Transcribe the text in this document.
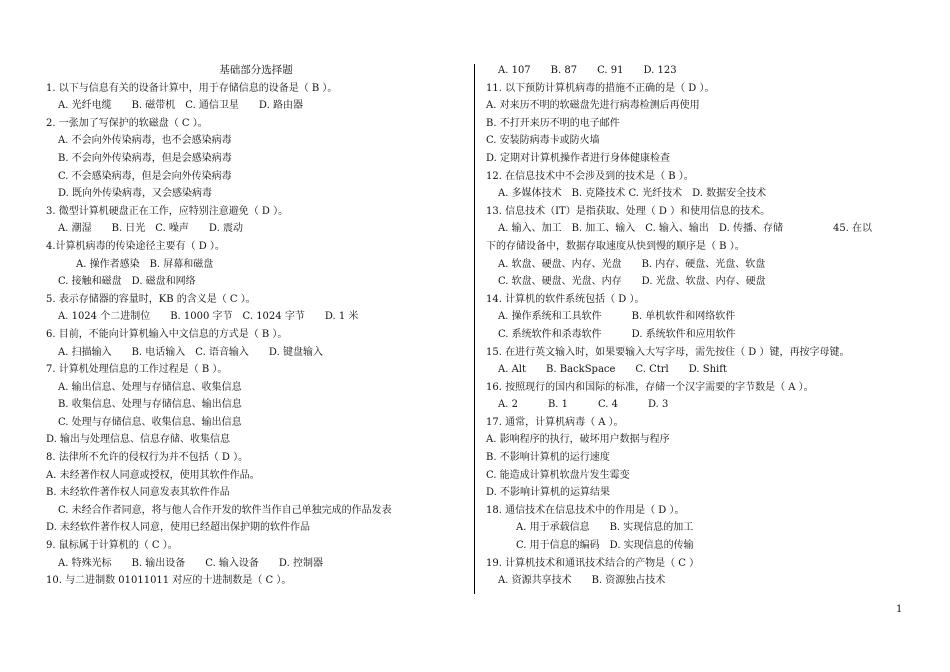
基础部分选择题
1. 以下与信息有关的设备计算中，用于存储信息的设备是（ B ）。
A. 光纤电缆　　B. 磁带机　C. 通信卫星　　D. 路由器
2. 一张加了写保护的软磁盘（ C ）。
A. 不会向外传染病毒，也不会感染病毒
B. 不会向外传染病毒，但是会感染病毒
C. 不会感染病毒，但是会向外传染病毒
D. 既向外传染病毒，又会感染病毒
3. 微型计算机硬盘正在工作，应特别注意避免（ D ）。
A. 潮湿　　B. 日光　C. 噪声　　D. 震动
4.计算机病毒的传染途径主要有（ D ）。
A. 操作者感染　B. 屏幕和磁盘
C. 接触和磁盘　D. 磁盘和网络
5. 表示存储器的容量时，KB 的含义是（ C ）。
A. 1024 个二进制位　　B. 1000 字节　C. 1024 字节　　D. 1 米
6. 目前，不能向计算机输入中文信息的方式是（ B ）。
A. 扫描输入　　B. 电话输入　C. 语音输入　　D. 键盘输入
7. 计算机处理信息的工作过程是（ B ）。
A. 输出信息、处理与存储信息、收集信息
B. 收集信息、处理与存储信息、输出信息
C. 处理与存储信息、收集信息、输出信息
D. 输出与处理信息、信息存储、收集信息
8. 法律所不允许的侵权行为并不包括（ D ）。
A. 未经著作权人同意或授权，使用其软件作品。
B. 未经软件著作权人同意发表其软件作品
C. 未经合作者同意，将与他人合作开发的软件当作自己单独完成的作品发表
D. 未经软件著作权人同意，使用已经超出保护期的软件作品
9. 鼠标属于计算机的（ C ）。
A. 特殊光标　　B. 输出设备　　C. 输入设备　　D. 控制器
10. 与二进制数 01011011 对应的十进制数是（ C ）。
A. 107　　B. 87　　C. 91　　D. 123
11. 以下预防计算机病毒的措施不正确的是（ D ）。
A. 对来历不明的软磁盘先进行病毒检测后再使用
B. 不打开来历不明的电子邮件
C. 安装防病毒卡或防火墙
D. 定期对计算机操作者进行身体健康检查
12. 在信息技术中不会涉及到的技术是（ B ）。
A. 多媒体技术　B. 克隆技术 C. 光纤技术　D. 数据安全技术
13. 信息技术（IT）是指获取、处理（ D ）和使用信息的技术。
A. 输入、加工　B. 加工、输入　C. 输入、输出　D. 传播、存储　　　　　45. 在以
下的存储设备中，数据存取速度从快到慢的顺序是（ B ）。
A. 软盘、硬盘、内存、光盘　　B. 内存、硬盘、光盘、软盘
C. 软盘、硬盘、光盘、内存　　D. 光盘、软盘、内存、硬盘
14. 计算机的软件系统包括（ D ）。
A. 操作系统和工具软件　　　B. 单机软件和网络软件
C. 系统软件和杀毒软件　　　D. 系统软件和应用软件
15. 在进行英文输入时，如果要输入大写字母，需先按住（ D ）键，再按字母键。
A. Alt　　B. BackSpace　　C. Ctrl　　D. Shift
16. 按照现行的国内和国际的标准，存储一个汉字需要的字节数是（ A ）。
A. 2　　　B. 1　　　C. 4　　　D. 3
17. 通常，计算机病毒（ A ）。
A. 影响程序的执行，破坏用户数据与程序
B. 不影响计算机的运行速度
C. 能造成计算机软盘片发生霉变
D. 不影响计算机的运算结果
18. 通信技术在信息技术中的作用是（ D ）。
A. 用于承载信息　　B. 实现信息的加工
C. 用于信息的编码　D. 实现信息的传输
19. 计算机技术和通讯技术结合的产物是（ C ）
A. 资源共享技术　　B. 资源独占技术
1
